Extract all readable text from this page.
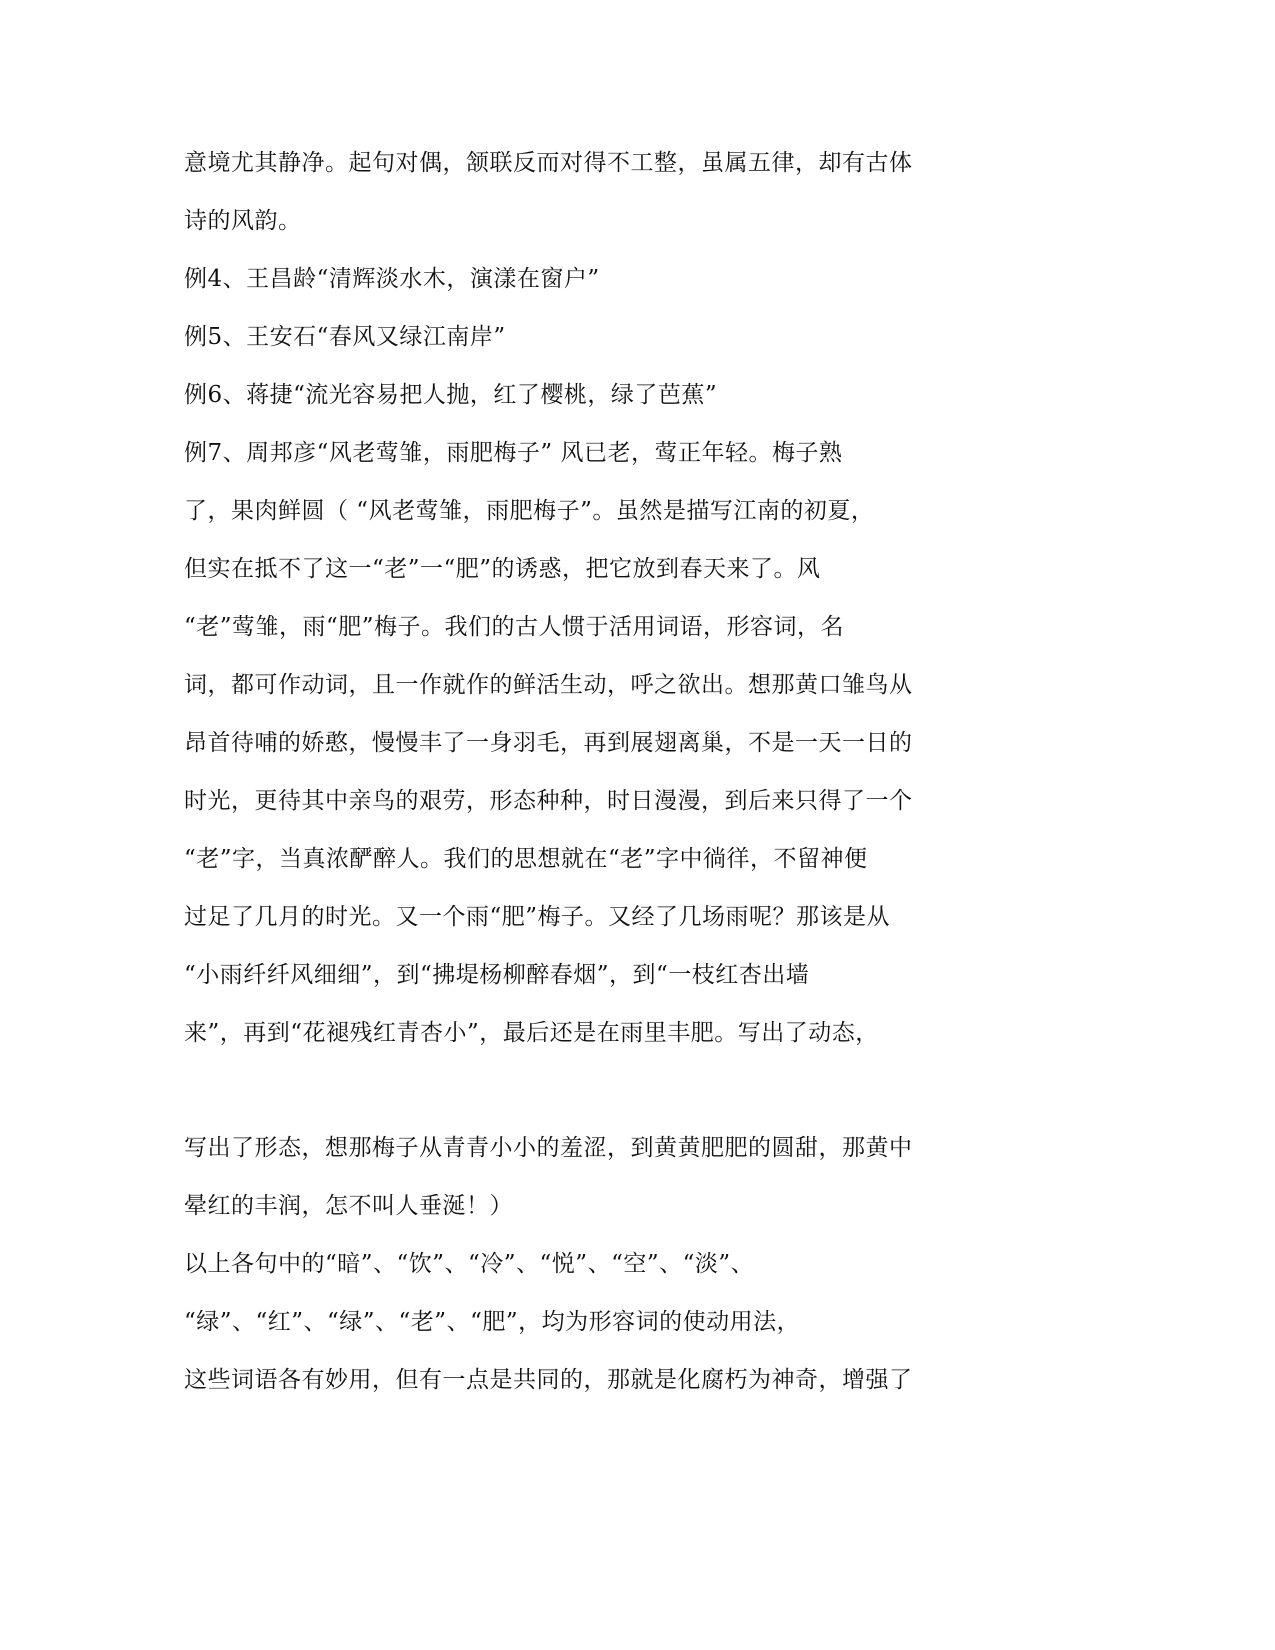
意境尤其静净。起句对偶，颔联反而对得不工整，虽属五律，却有古体
诗的风韵。
例4、王昌龄“清辉淡水木，演漾在窗户”
例5、王安石“春风又绿江南岸”
例6、蒋捷“流光容易把人抛，红了樱桃，绿了芭蕉”
例7、周邦彦“风老莺雏，雨肥梅子” 风已老，莺正年轻。梅子熟
了，果肉鲜圆（ “风老莺雏，雨肥梅子”。虽然是描写江南的初夏，
但实在抵不了这一“老”一“肥”的诱惑，把它放到春天来了。风
“老”莺雏，雨“肥”梅子。我们的古人惯于活用词语，形容词，名
词，都可作动词，且一作就作的鲜活生动，呼之欲出。想那黄口雏鸟从
昂首待哺的娇憨，慢慢丰了一身羽毛，再到展翅离巢，不是一天一日的
时光，更待其中亲鸟的艰劳，形态种种，时日漫漫，到后来只得了一个
“老”字，当真浓酽醉人。我们的思想就在“老”字中徜徉，不留神便
过足了几月的时光。又一个雨“肥”梅子。又经了几场雨呢？那该是从
“小雨纤纤风细细”，到“拂堤杨柳醉春烟”，到“一枝红杏出墙
来”，再到“花褪残红青杏小”，最后还是在雨里丰肥。写出了动态，
写出了形态，想那梅子从青青小小的羞涩，到黄黄肥肥的圆甜，那黄中
晕红的丰润，怎不叫人垂涎！）
以上各句中的“暗”、“饮”、“冷”、“悦”、“空”、“淡”、
“绿”、“红”、“绿”、“老”、“肥”，均为形容词的使动用法，
这些词语各有妙用，但有一点是共同的，那就是化腐朽为神奇，增强了
